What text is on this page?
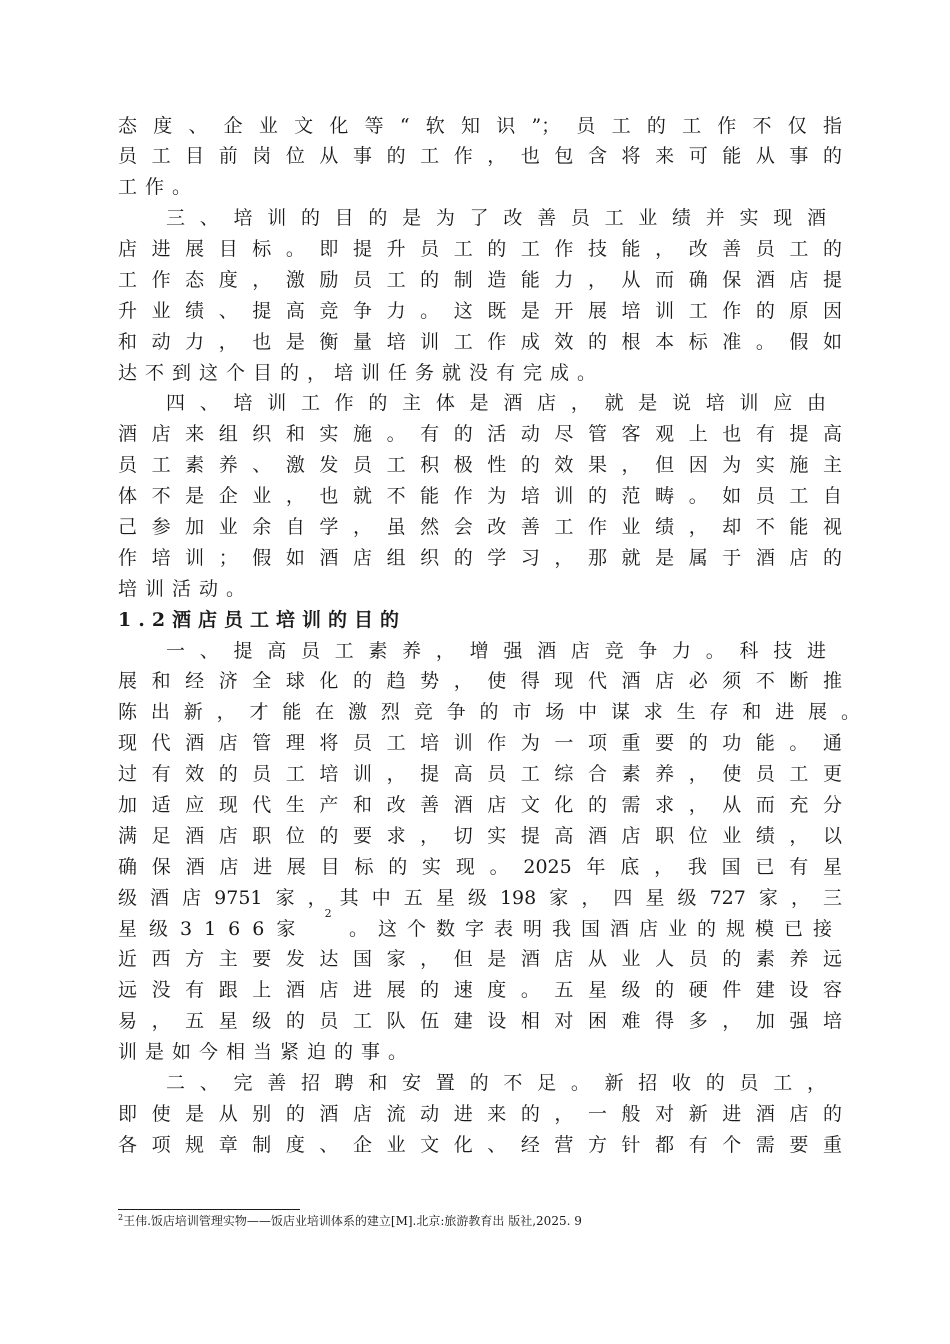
态度、企业文化等“软知识”；员工的工作不仅指
员工目前岗位从事的工作，也包含将来可能从事的
工作。
三、培训的目的是为了改善员工业绩并实现酒
店进展目标。即提升员工的工作技能，改善员工的
工作态度，激励员工的制造能力，从而确保酒店提
升业绩、提高竞争力。这既是开展培训工作的原因
和动力，也是衡量培训工作成效的根本标准。假如
达不到这个目的，培训任务就没有完成。
四、培训工作的主体是酒店，就是说培训应由
酒店来组织和实施。有的活动尽管客观上也有提高
员工素养、激发员工积极性的效果，但因为实施主
体不是企业，也就不能作为培训的范畴。如员工自
己参加业余自学，虽然会改善工作业绩，却不能视
作培训；假如酒店组织的学习，那就是属于酒店的
培训活动。
1.2酒店员工培训的目的
一、提高员工素养，增强酒店竞争力。科技进
展和经济全球化的趋势，使得现代酒店必须不断推
陈出新，才能在激烈竞争的市场中谋求生存和进展。
现代酒店管理将员工培训作为一项重要的功能。通
过有效的员工培训，提高员工综合素养，使员工更
加适应现代生产和改善酒店文化的需求，从而充分
满足酒店职位的要求，切实提高酒店职位业绩，以
确保酒店进展目标的实现。2025年底，我国已有星
级酒店9751家，其中五星级198家，四星级727家，三
星级3166家
2
。这个数字表明我国酒店业的规模已接
近西方主要发达国家，但是酒店从业人员的素养远
远没有跟上酒店进展的速度。五星级的硬件建设容
易，五星级的员工队伍建设相对困难得多，加强培
训是如今相当紧迫的事。
二、完善招聘和安置的不足。新招收的员工，
即使是从别的酒店流动进来的，一般对新进酒店的
各项规章制度、企业文化、经营方针都有个需要重
$^2$王伟.饭店培训管理实物——饭店业培训体系的建立[M].北京:旅游教育出 版社,2025. 9
